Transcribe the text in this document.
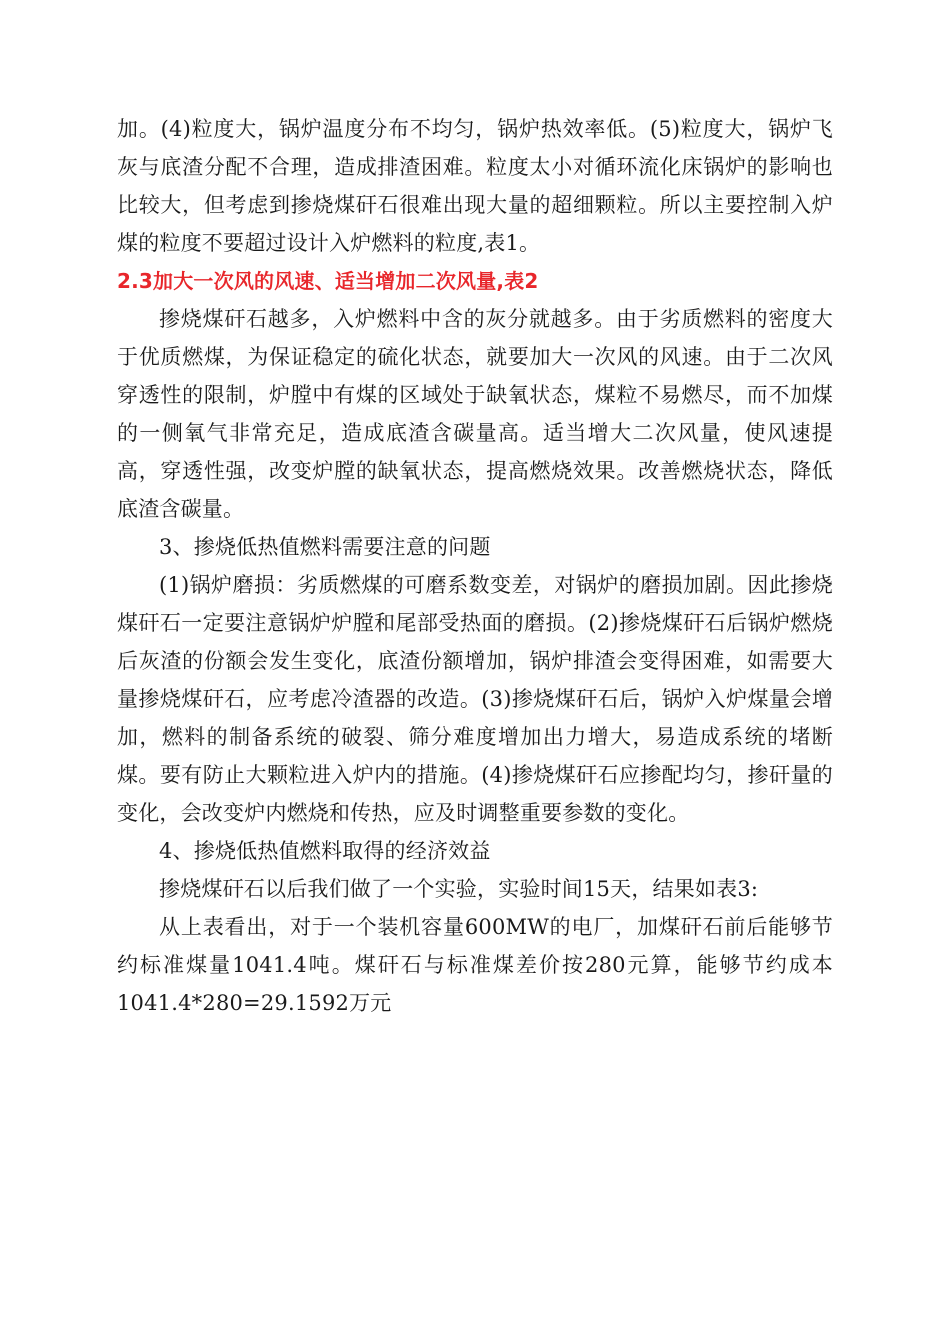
加。(4)粒度大，锅炉温度分布不均匀，锅炉热效率低。(5)粒度大，锅炉飞灰与底渣分配不合理，造成排渣困难。粒度太小对循环流化床锅炉的影响也比较大，但考虑到掺烧煤矸石很难出现大量的超细颗粒。所以主要控制入炉煤的粒度不要超过设计入炉燃料的粒度,表1。

2.3加大一次风的风速、适当增加二次风量,表2

掺烧煤矸石越多，入炉燃料中含的灰分就越多。由于劣质燃料的密度大于优质燃煤，为保证稳定的硫化状态，就要加大一次风的风速。由于二次风穿透性的限制，炉膛中有煤的区域处于缺氧状态，煤粒不易燃尽，而不加煤的一侧氧气非常充足，造成底渣含碳量高。适当增大二次风量，使风速提高，穿透性强，改变炉膛的缺氧状态，提高燃烧效果。改善燃烧状态，降低底渣含碳量。

3、掺烧低热值燃料需要注意的问题

(1)锅炉磨损：劣质燃煤的可磨系数变差，对锅炉的磨损加剧。因此掺烧煤矸石一定要注意锅炉炉膛和尾部受热面的磨损。(2)掺烧煤矸石后锅炉燃烧后灰渣的份额会发生变化，底渣份额增加，锅炉排渣会变得困难，如需要大量掺烧煤矸石，应考虑冷渣器的改造。(3)掺烧煤矸石后，锅炉入炉煤量会增加，燃料的制备系统的破裂、筛分难度增加出力增大，易造成系统的堵断煤。要有防止大颗粒进入炉内的措施。(4)掺烧煤矸石应掺配均匀，掺矸量的变化，会改变炉内燃烧和传热，应及时调整重要参数的变化。

4、掺烧低热值燃料取得的经济效益

掺烧煤矸石以后我们做了一个实验，实验时间15天，结果如表3:

从上表看出，对于一个装机容量600MW的电厂，加煤矸石前后能够节约标准煤量1041.4吨。煤矸石与标准煤差价按280元算，能够节约成本1041.4*280=29.1592万元
